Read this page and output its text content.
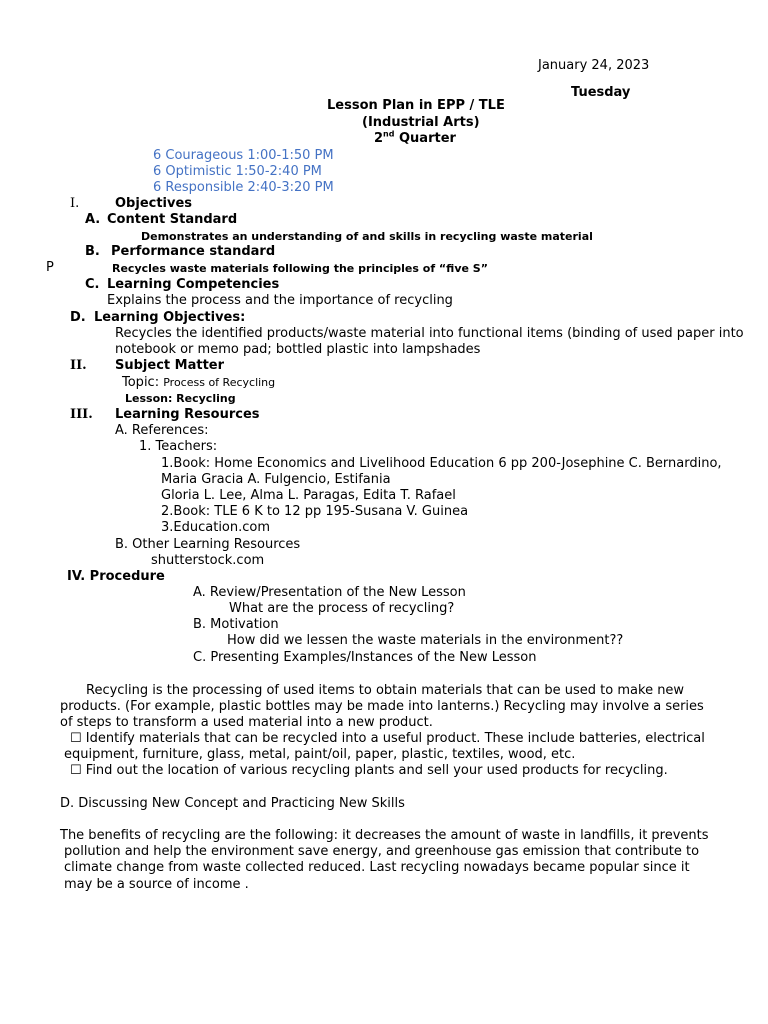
January 24, 2023
Tuesday
Lesson Plan in EPP / TLE
(Industrial Arts)
2nd Quarter
6 Courageous 1:00-1:50 PM
6 Optimistic 1:50-2:40 PM
6 Responsible 2:40-3:20 PM
I.	Objectives
A. Content Standard
Demonstrates an understanding of and skills in recycling waste material
B. Performance standard
P	Recycles waste materials following the principles of “five S”
C. Learning Competencies
Explains the process and the importance of recycling
D. Learning Objectives:
Recycles the identified products/waste material into functional items (binding of used paper into
notebook or memo pad; bottled plastic into lampshades
II. Subject Matter
Topic: Process of Recycling
Lesson: Recycling
III. Learning Resources
A. References:
1. Teachers:
1.Book: Home Economics and Livelihood Education 6 pp 200-Josephine C. Bernardino,
Maria Gracia A. Fulgencio, Estifania
Gloria L. Lee, Alma L. Paragas, Edita T. Rafael
2.Book: TLE 6 K to 12 pp 195-Susana V. Guinea
3.Education.com
B. Other Learning Resources
shutterstock.com
IV. Procedure
A. Review/Presentation of the New Lesson
What are the process of recycling?
B. Motivation
How did we lessen the waste materials in the environment??
C. Presenting Examples/Instances of the New Lesson
Recycling is the processing of used items to obtain materials that can be used to make new
products. (For example, plastic bottles may be made into lanterns.) Recycling may involve a series
of steps to transform a used material into a new product.
☐ Identify materials that can be recycled into a useful product. These include batteries, electrical
equipment, furniture, glass, metal, paint/oil, paper, plastic, textiles, wood, etc.
☐ Find out the location of various recycling plants and sell your used products for recycling.
D. Discussing New Concept and Practicing New Skills
The benefits of recycling are the following: it decreases the amount of waste in landfills, it prevents
pollution and help the environment save energy, and greenhouse gas emission that contribute to
climate change from waste collected reduced. Last recycling nowadays became popular since it
may be a source of income .
